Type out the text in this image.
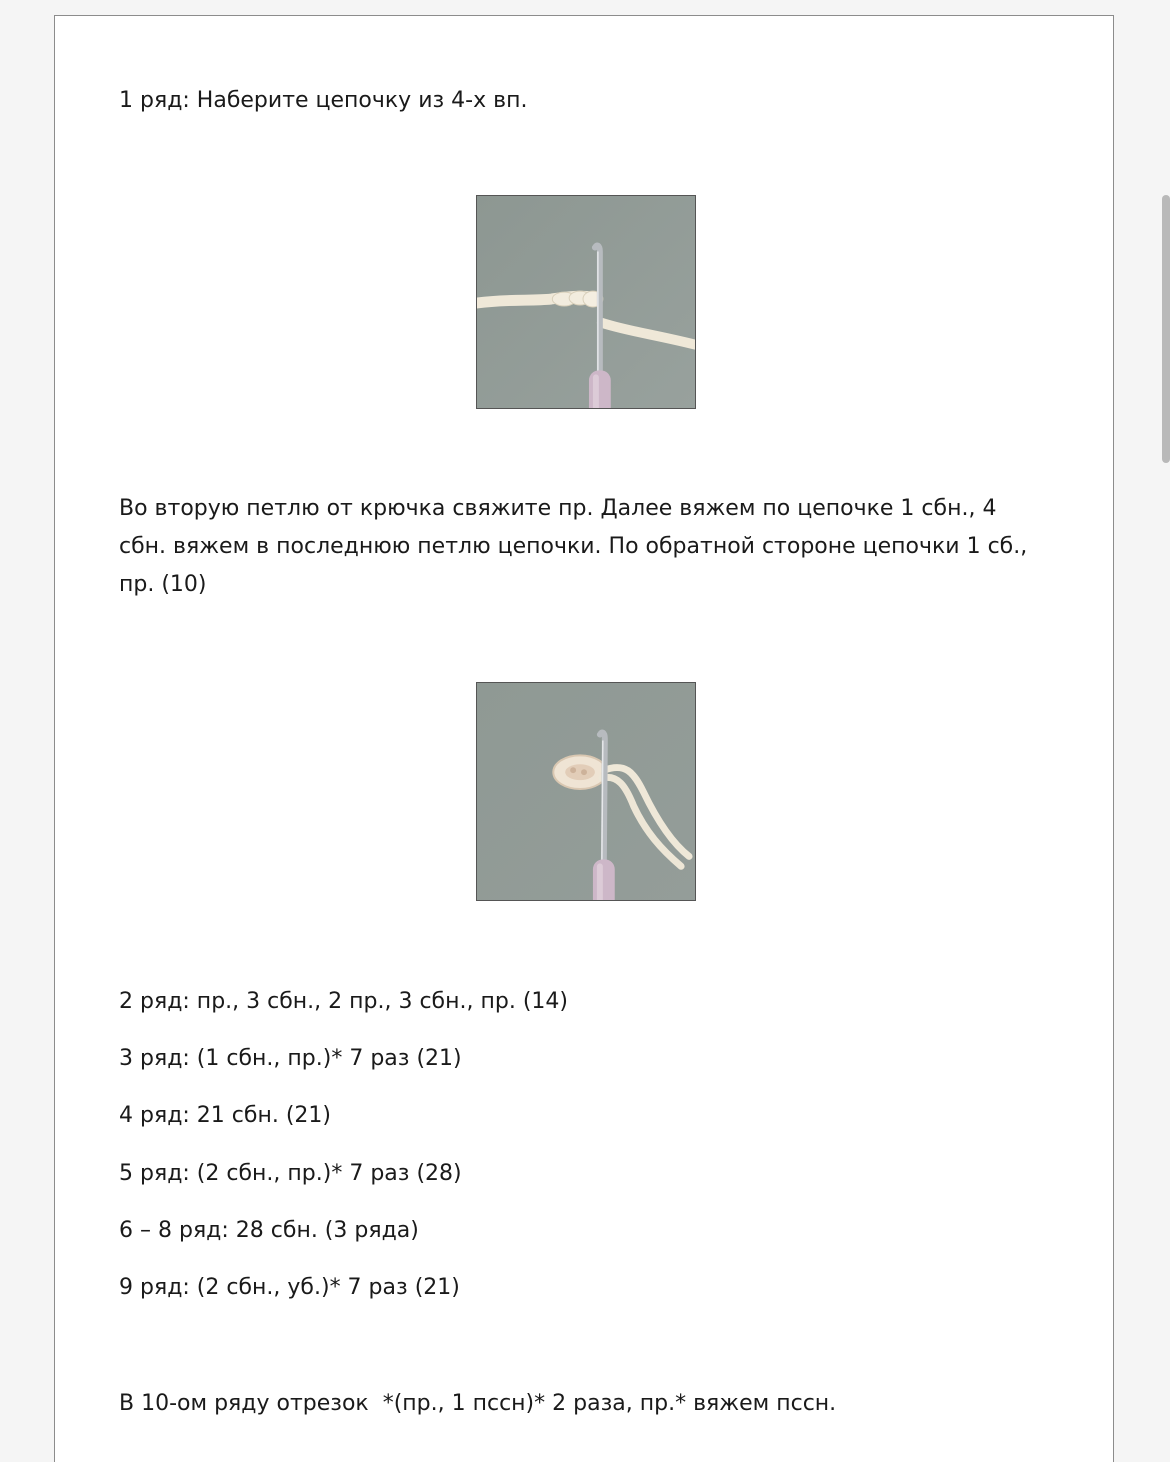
1 ряд: Наберите цепочку из 4-х вп.

Во вторую петлю от крючка свяжите пр. Далее вяжем по цепочке 1 сбн., 4 сбн. вяжем в последнюю петлю цепочки. По обратной стороне цепочки 1 сб., пр. (10)

2 ряд: пр., 3 сбн., 2 пр., 3 сбн., пр. (14)

3 ряд: (1 сбн., пр.)* 7 раз (21)

4 ряд: 21 сбн. (21)

5 ряд: (2 сбн., пр.)* 7 раз (28)

6 – 8 ряд: 28 сбн. (3 ряда)

9 ряд: (2 сбн., уб.)* 7 раз (21)

В 10-ом ряду отрезок  *(пр., 1 пссн)* 2 раза, пр.* вяжем пссн.
